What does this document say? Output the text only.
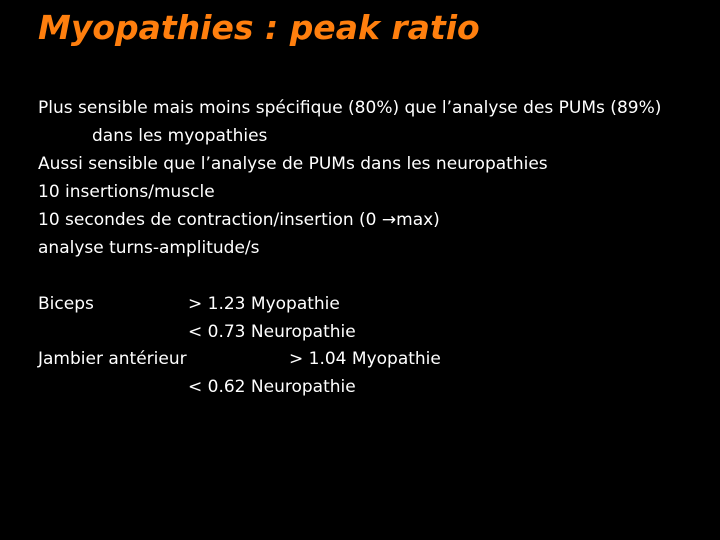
Myopathies : peak ratio
Plus sensible mais moins spécifique (80%) que l’analyse des PUMs (89%)
dans les myopathies
Aussi sensible que l’analyse de PUMs dans les neuropathies
10 insertions/muscle
10 secondes de contraction/insertion (0 →max)
analyse turns-amplitude/s
Biceps	> 1.23 Myopathie
< 0.73 Neuropathie
Jambier antérieur	> 1.04 Myopathie
< 0.62 Neuropathie
